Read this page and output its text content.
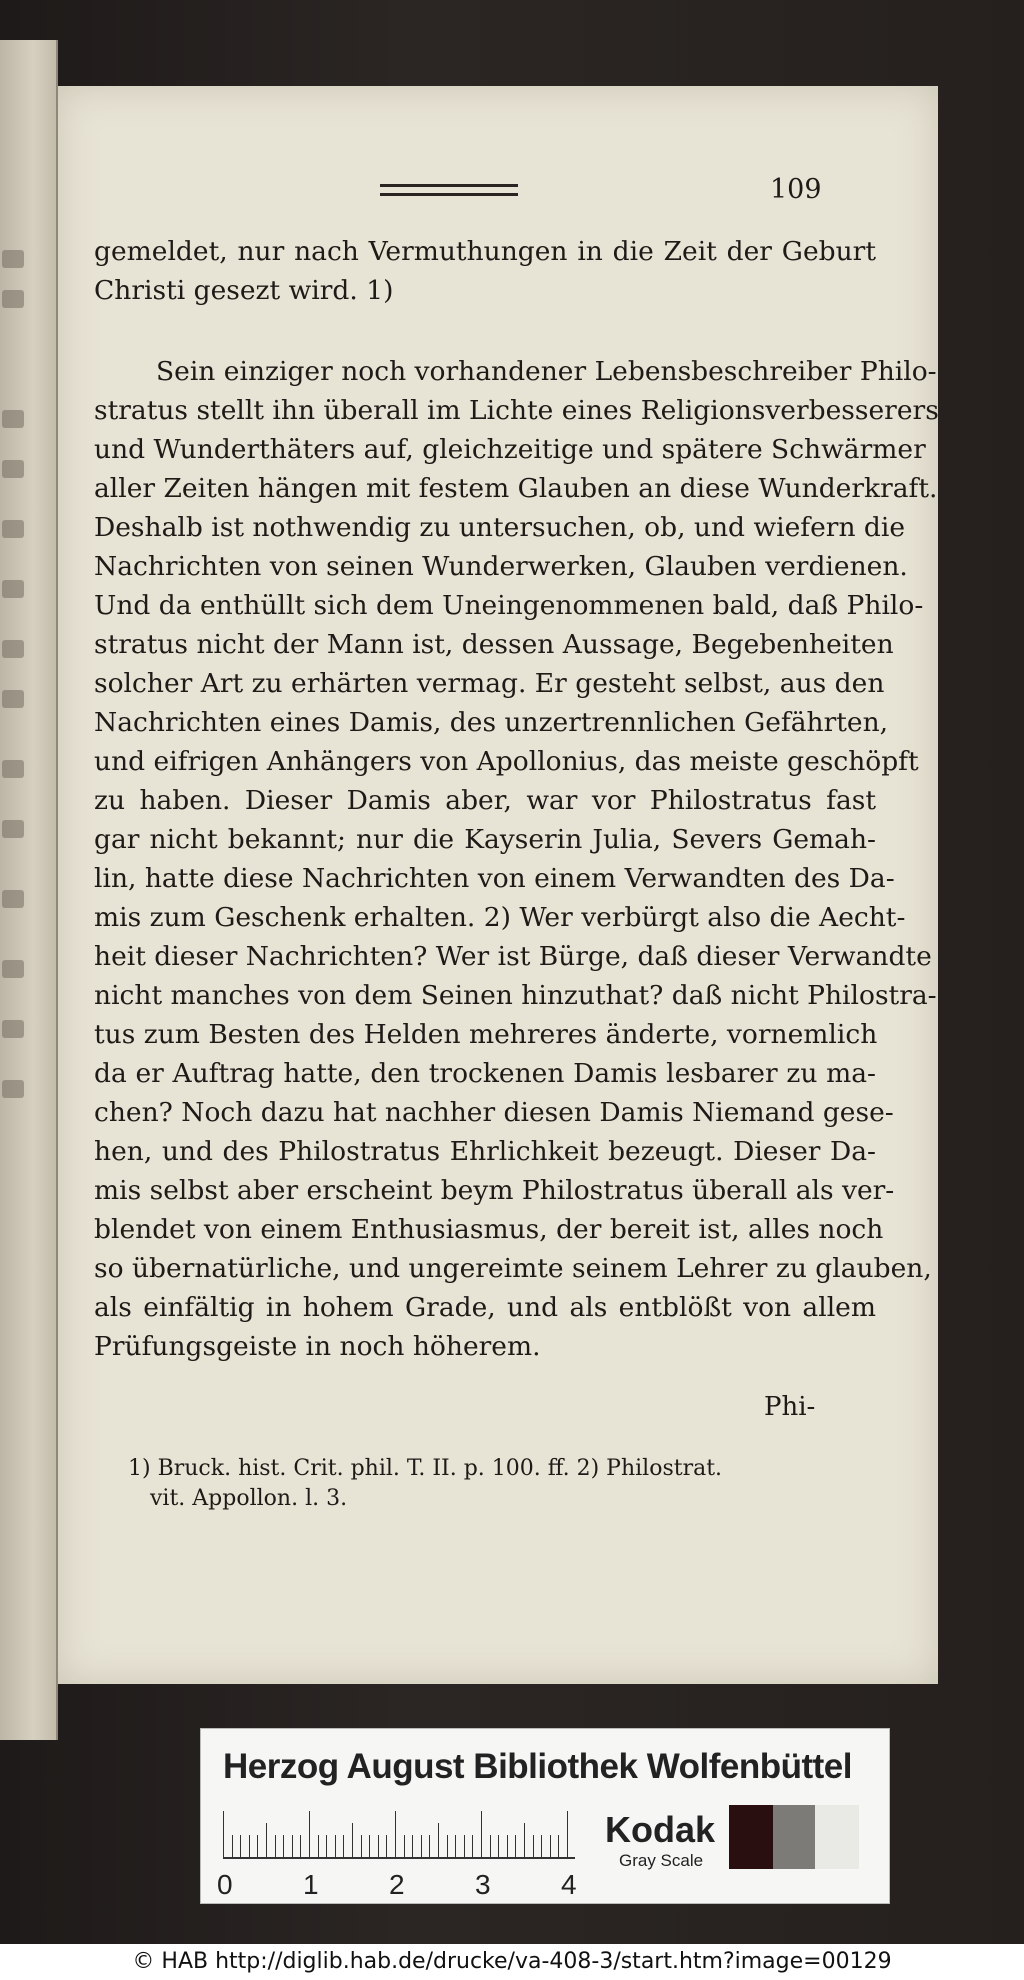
109
gemeldet, nur nach Vermuthungen in die Zeit der Geburt
Christi gesezt wird. 1)
Sein einziger noch vorhandener Lebensbeschreiber Philo-
stratus stellt ihn überall im Lichte eines Religionsverbesserers
und Wunderthäters auf, gleichzeitige und spätere Schwärmer
aller Zeiten hängen mit festem Glauben an diese Wunderkraft.
Deshalb ist nothwendig zu untersuchen, ob, und wiefern die
Nachrichten von seinen Wunderwerken, Glauben verdienen.
Und da enthüllt sich dem Uneingenommenen bald, daß Philo-
stratus nicht der Mann ist, dessen Aussage, Begebenheiten
solcher Art zu erhärten vermag. Er gesteht selbst, aus den
Nachrichten eines Damis, des unzertrennlichen Gefährten,
und eifrigen Anhängers von Apollonius, das meiste geschöpft
zu haben. Dieser Damis aber, war vor Philostratus fast
gar nicht bekannt; nur die Kayserin Julia, Severs Gemah-
lin, hatte diese Nachrichten von einem Verwandten des Da-
mis zum Geschenk erhalten. 2) Wer verbürgt also die Aecht-
heit dieser Nachrichten? Wer ist Bürge, daß dieser Verwandte
nicht manches von dem Seinen hinzuthat? daß nicht Philostra-
tus zum Besten des Helden mehreres änderte, vornemlich
da er Auftrag hatte, den trockenen Damis lesbarer zu ma-
chen? Noch dazu hat nachher diesen Damis Niemand gese-
hen, und des Philostratus Ehrlichkeit bezeugt. Dieser Da-
mis selbst aber erscheint beym Philostratus überall als ver-
blendet von einem Enthusiasmus, der bereit ist, alles noch
so übernatürliche, und ungereimte seinem Lehrer zu glauben,
als einfältig in hohem Grade, und als entblößt von allem
Prüfungsgeiste in noch höherem.
Phi-
1) Bruck. hist. Crit. phil. T. II. p. 100. ff. 2) Philostrat.
vit. Appollon. l. 3.
Herzog August Bibliothek Wolfenbüttel
0	1	2	3	4
Kodak
Gray Scale
© HAB http://diglib.hab.de/drucke/va-408-3/start.htm?image=00129
